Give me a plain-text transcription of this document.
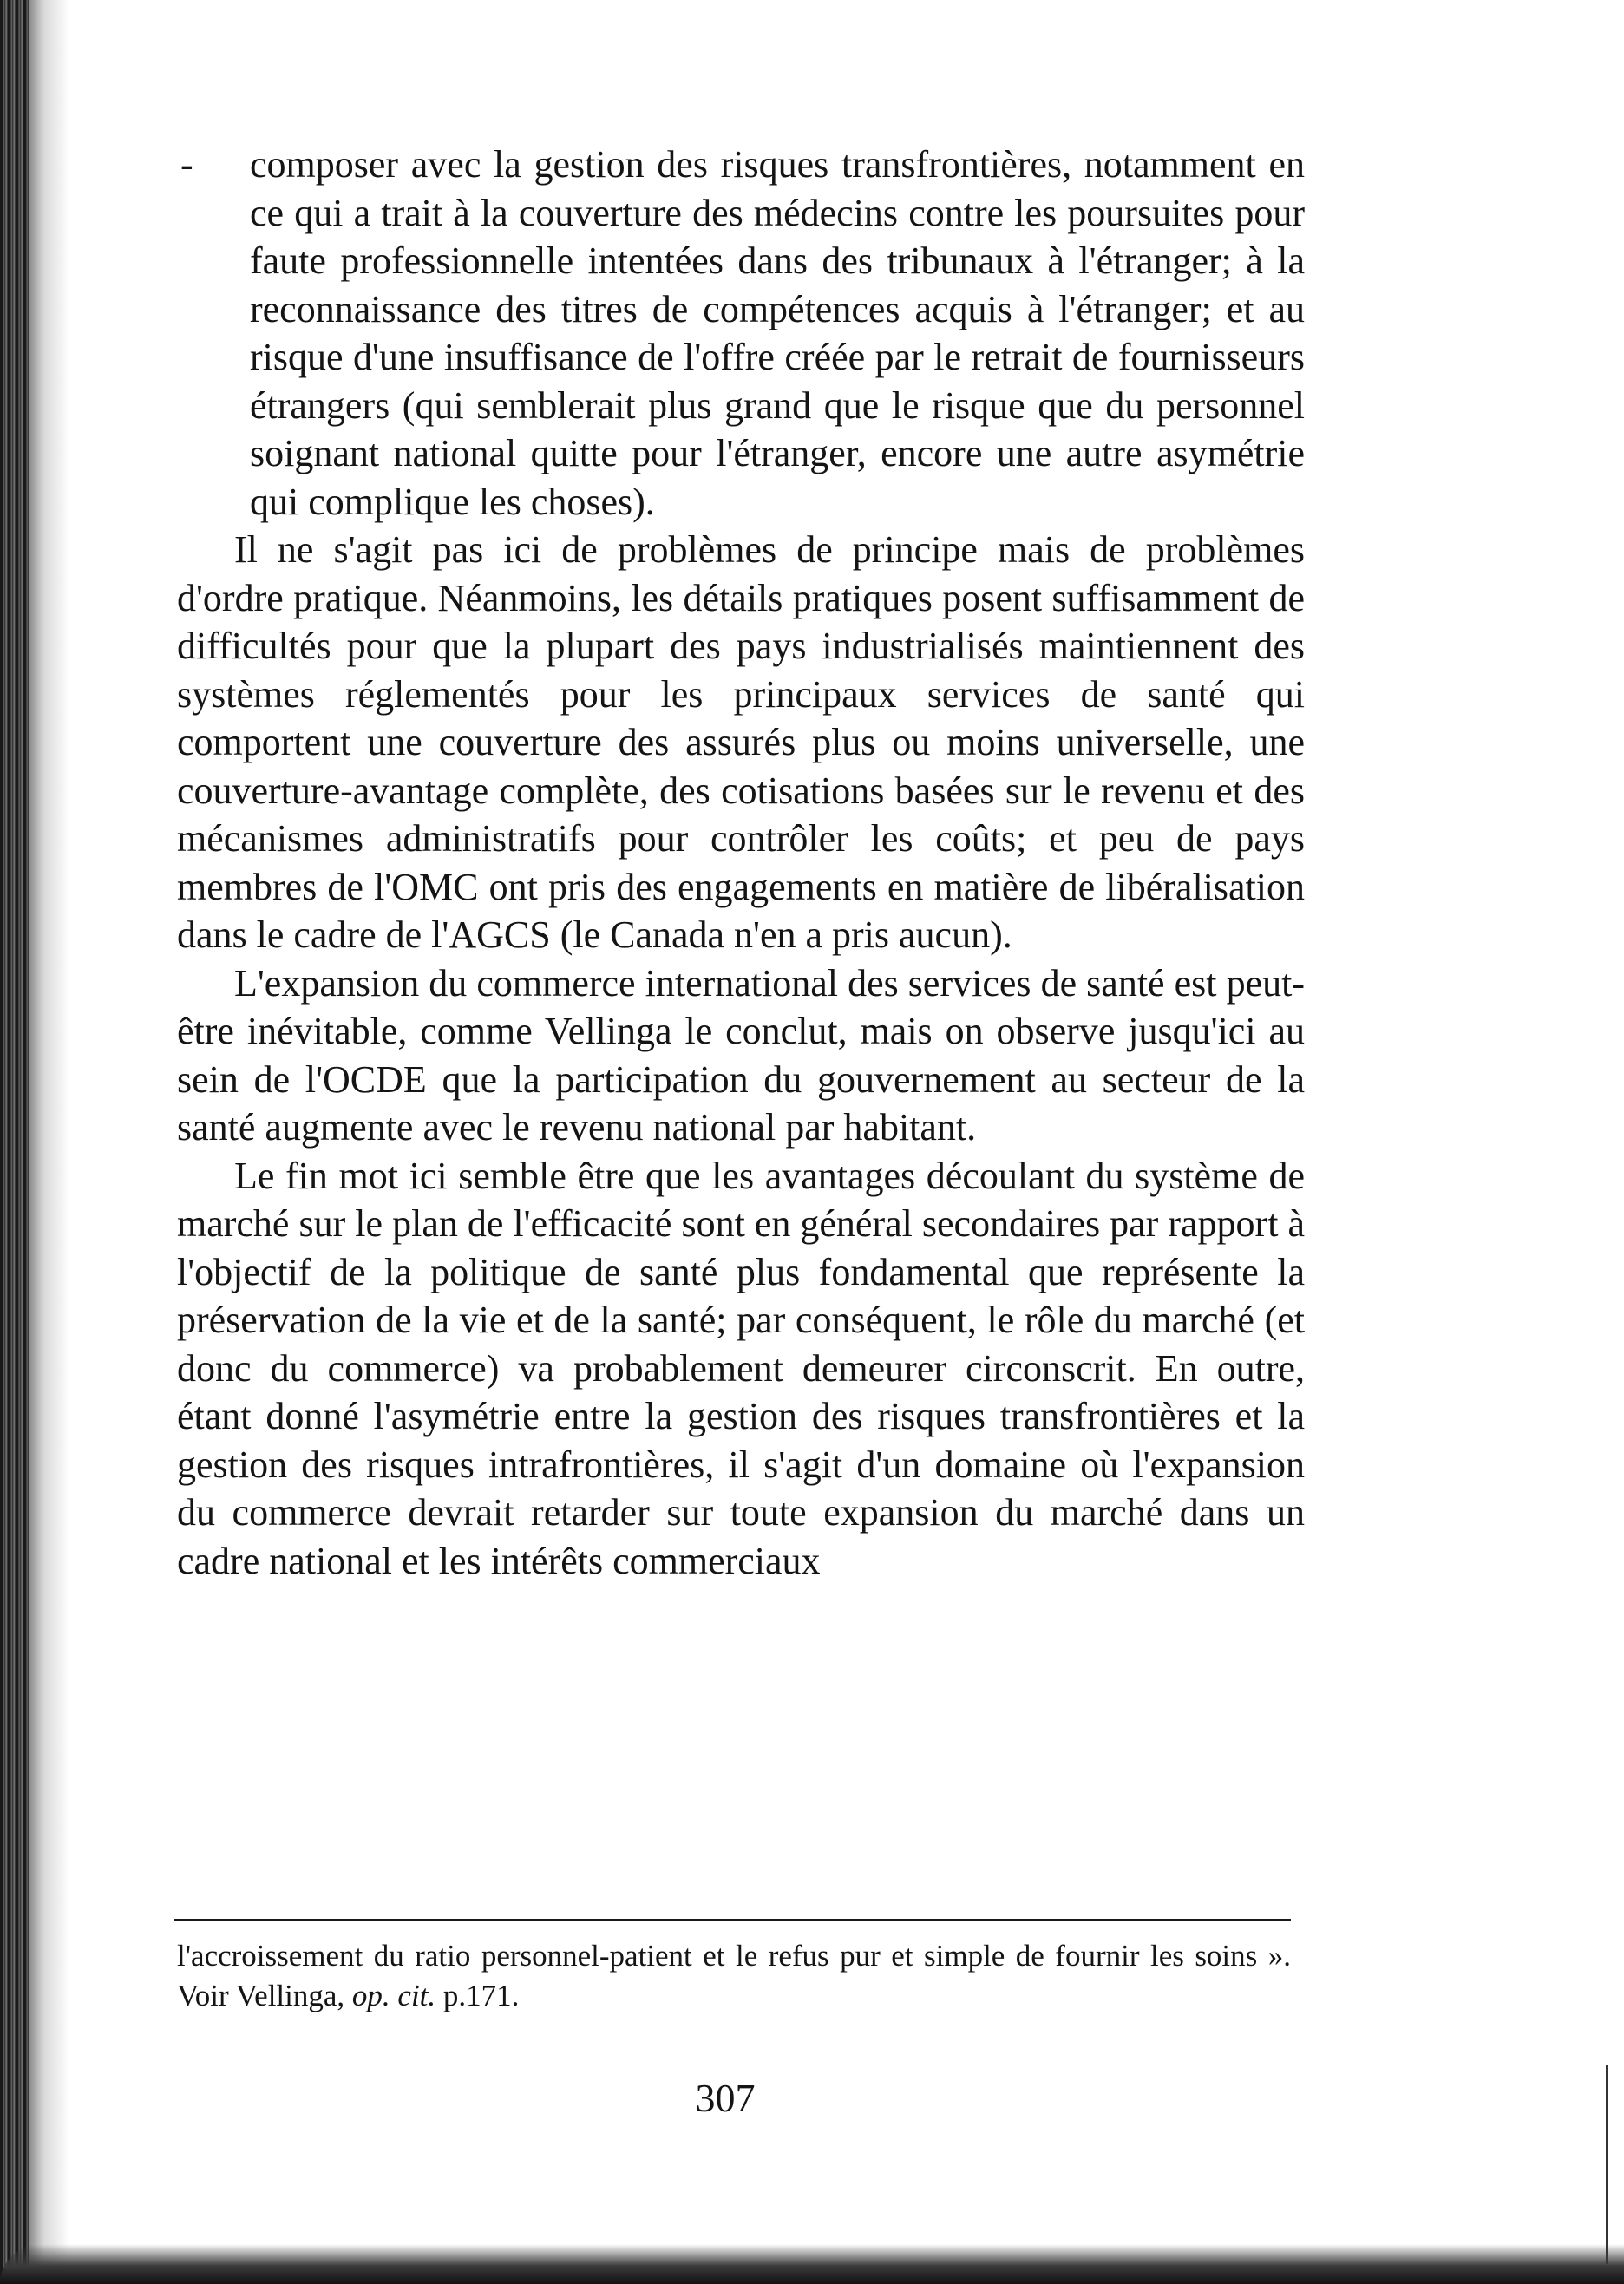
- composer avec la gestion des risques transfrontières, notamment en ce qui a trait à la couverture des médecins contre les poursuites pour faute professionnelle intentées dans des tribunaux à l'étranger; à la reconnaissance des titres de compétences acquis à l'étranger; et au risque d'une insuffisance de l'offre créée par le retrait de fournisseurs étrangers (qui semblerait plus grand que le risque que du personnel soignant national quitte pour l'étranger, encore une autre asymétrie qui complique les choses).

Il ne s'agit pas ici de problèmes de principe mais de problèmes d'ordre pratique. Néanmoins, les détails pratiques posent suffisamment de difficultés pour que la plupart des pays industrialisés maintiennent des systèmes réglementés pour les principaux services de santé qui comportent une couverture des assurés plus ou moins universelle, une couverture-avantage complète, des cotisations basées sur le revenu et des mécanismes administratifs pour contrôler les coûts; et peu de pays membres de l'OMC ont pris des engagements en matière de libéralisation dans le cadre de l'AGCS (le Canada n'en a pris aucun).

L'expansion du commerce international des services de santé est peut-être inévitable, comme Vellinga le conclut, mais on observe jusqu'ici au sein de l'OCDE que la participation du gouvernement au secteur de la santé augmente avec le revenu national par habitant.

Le fin mot ici semble être que les avantages découlant du système de marché sur le plan de l'efficacité sont en général secondaires par rapport à l'objectif de la politique de santé plus fondamental que représente la préservation de la vie et de la santé; par conséquent, le rôle du marché (et donc du commerce) va probablement demeurer circonscrit. En outre, étant donné l'asymétrie entre la gestion des risques transfrontières et la gestion des risques intrafrontières, il s'agit d'un domaine où l'expansion du commerce devrait retarder sur toute expansion du marché dans un cadre national et les intérêts commerciaux

l'accroissement du ratio personnel-patient et le refus pur et simple de fournir les soins ». Voir Vellinga, op. cit. p.171.

307
